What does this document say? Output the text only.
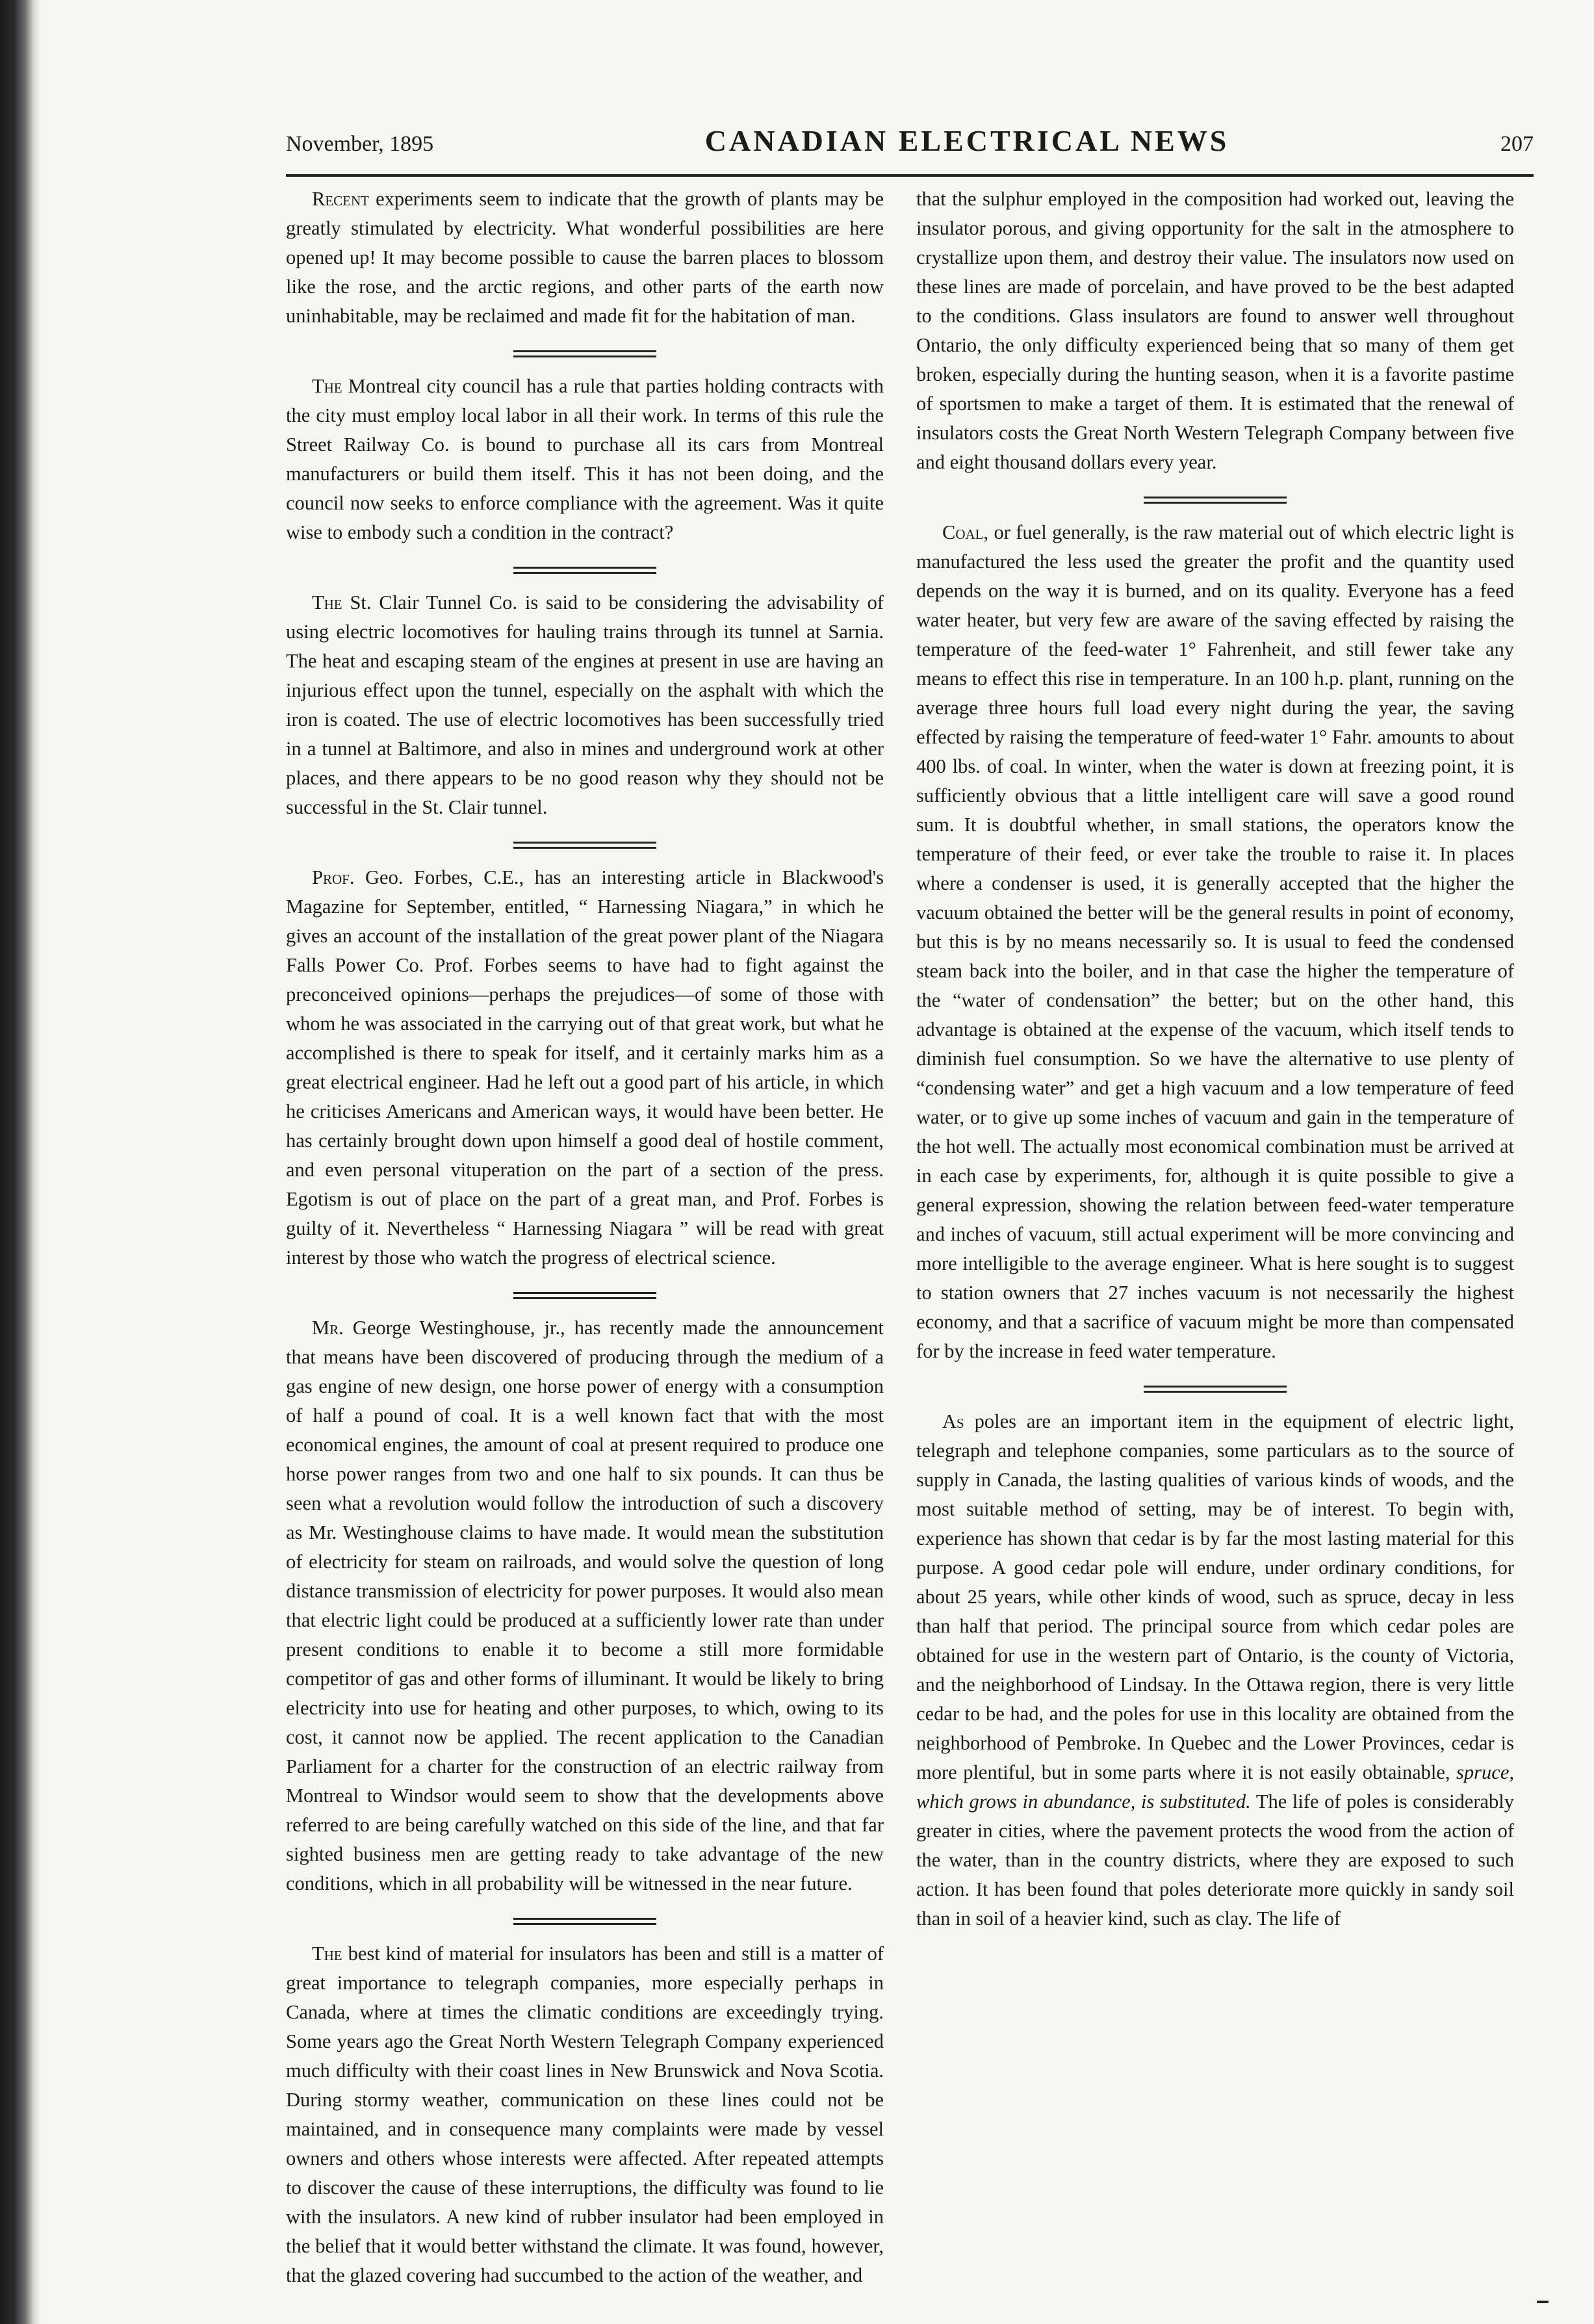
November, 1895	CANADIAN ELECTRICAL NEWS	207

Recent experiments seem to indicate that the growth of plants may be greatly stimulated by electricity. What wonderful possibilities are here opened up! It may become possible to cause the barren places to blossom like the rose, and the arctic regions, and other parts of the earth now uninhabitable, may be reclaimed and made fit for the habitation of man.

The Montreal city council has a rule that parties holding contracts with the city must employ local labor in all their work. In terms of this rule the Street Railway Co. is bound to purchase all its cars from Montreal manufacturers or build them itself. This it has not been doing, and the council now seeks to enforce compliance with the agreement. Was it quite wise to embody such a condition in the contract?

The St. Clair Tunnel Co. is said to be considering the advisability of using electric locomotives for hauling trains through its tunnel at Sarnia. The heat and escaping steam of the engines at present in use are having an injurious effect upon the tunnel, especially on the asphalt with which the iron is coated. The use of electric locomotives has been successfully tried in a tunnel at Baltimore, and also in mines and underground work at other places, and there appears to be no good reason why they should not be successful in the St. Clair tunnel.

Prof. Geo. Forbes, C.E., has an interesting article in Blackwood's Magazine for September, entitled, “ Harnessing Niagara,” in which he gives an account of the installation of the great power plant of the Niagara Falls Power Co. Prof. Forbes seems to have had to fight against the preconceived opinions—perhaps the prejudices—of some of those with whom he was associated in the carrying out of that great work, but what he accomplished is there to speak for itself, and it certainly marks him as a great electrical engineer. Had he left out a good part of his article, in which he criticises Americans and American ways, it would have been better. He has certainly brought down upon himself a good deal of hostile comment, and even personal vituperation on the part of a section of the press. Egotism is out of place on the part of a great man, and Prof. Forbes is guilty of it. Nevertheless “ Harnessing Niagara ” will be read with great interest by those who watch the progress of electrical science.

Mr. George Westinghouse, jr., has recently made the announcement that means have been discovered of producing through the medium of a gas engine of new design, one horse power of energy with a consumption of half a pound of coal. It is a well known fact that with the most economical engines, the amount of coal at present required to produce one horse power ranges from two and one half to six pounds. It can thus be seen what a revolution would follow the introduction of such a discovery as Mr. Westinghouse claims to have made. It would mean the substitution of electricity for steam on railroads, and would solve the question of long distance transmission of electricity for power purposes. It would also mean that electric light could be produced at a sufficiently lower rate than under present conditions to enable it to become a still more formidable competitor of gas and other forms of illuminant. It would be likely to bring electricity into use for heating and other purposes, to which, owing to its cost, it cannot now be applied. The recent application to the Canadian Parliament for a charter for the construction of an electric railway from Montreal to Windsor would seem to show that the developments above referred to are being carefully watched on this side of the line, and that far sighted business men are getting ready to take advantage of the new conditions, which in all probability will be witnessed in the near future.

The best kind of material for insulators has been and still is a matter of great importance to telegraph companies, more especially perhaps in Canada, where at times the climatic conditions are exceedingly trying. Some years ago the Great North Western Telegraph Company experienced much difficulty with their coast lines in New Brunswick and Nova Scotia. During stormy weather, communication on these lines could not be maintained, and in consequence many complaints were made by vessel owners and others whose interests were affected. After repeated attempts to discover the cause of these interruptions, the difficulty was found to lie with the insulators. A new kind of rubber insulator had been employed in the belief that it would better withstand the climate. It was found, however, that the glazed covering had succumbed to the action of the weather, and

that the sulphur employed in the composition had worked out, leaving the insulator porous, and giving opportunity for the salt in the atmosphere to crystallize upon them, and destroy their value. The insulators now used on these lines are made of porcelain, and have proved to be the best adapted to the conditions. Glass insulators are found to answer well throughout Ontario, the only difficulty experienced being that so many of them get broken, especially during the hunting season, when it is a favorite pastime of sportsmen to make a target of them. It is estimated that the renewal of insulators costs the Great North Western Telegraph Company between five and eight thousand dollars every year.

Coal, or fuel generally, is the raw material out of which electric light is manufactured the less used the greater the profit and the quantity used depends on the way it is burned, and on its quality. Everyone has a feed water heater, but very few are aware of the saving effected by raising the temperature of the feed-water 1° Fahrenheit, and still fewer take any means to effect this rise in temperature. In an 100 h.p. plant, running on the average three hours full load every night during the year, the saving effected by raising the temperature of feed-water 1° Fahr. amounts to about 400 lbs. of coal. In winter, when the water is down at freezing point, it is sufficiently obvious that a little intelligent care will save a good round sum. It is doubtful whether, in small stations, the operators know the temperature of their feed, or ever take the trouble to raise it. In places where a condenser is used, it is generally accepted that the higher the vacuum obtained the better will be the general results in point of economy, but this is by no means necessarily so. It is usual to feed the condensed steam back into the boiler, and in that case the higher the temperature of the “water of condensation” the better; but on the other hand, this advantage is obtained at the expense of the vacuum, which itself tends to diminish fuel consumption. So we have the alternative to use plenty of “condensing water” and get a high vacuum and a low temperature of feed water, or to give up some inches of vacuum and gain in the temperature of the hot well. The actually most economical combination must be arrived at in each case by experiments, for, although it is quite possible to give a general expression, showing the relation between feed-water temperature and inches of vacuum, still actual experiment will be more convincing and more intelligible to the average engineer. What is here sought is to suggest to station owners that 27 inches vacuum is not necessarily the highest economy, and that a sacrifice of vacuum might be more than compensated for by the increase in feed water temperature.

As poles are an important item in the equipment of electric light, telegraph and telephone companies, some particulars as to the source of supply in Canada, the lasting qualities of various kinds of woods, and the most suitable method of setting, may be of interest. To begin with, experience has shown that cedar is by far the most lasting material for this purpose. A good cedar pole will endure, under ordinary conditions, for about 25 years, while other kinds of wood, such as spruce, decay in less than half that period. The principal source from which cedar poles are obtained for use in the western part of Ontario, is the county of Victoria, and the neighborhood of Lindsay. In the Ottawa region, there is very little cedar to be had, and the poles for use in this locality are obtained from the neighborhood of Pembroke. In Quebec and the Lower Provinces, cedar is more plentiful, but in some parts where it is not easily obtainable, spruce, which grows in abundance, is substituted. The life of poles is considerably greater in cities, where the pavement protects the wood from the action of the water, than in the country districts, where they are exposed to such action. It has been found that poles deteriorate more quickly in sandy soil than in soil of a heavier kind, such as clay. The life of
